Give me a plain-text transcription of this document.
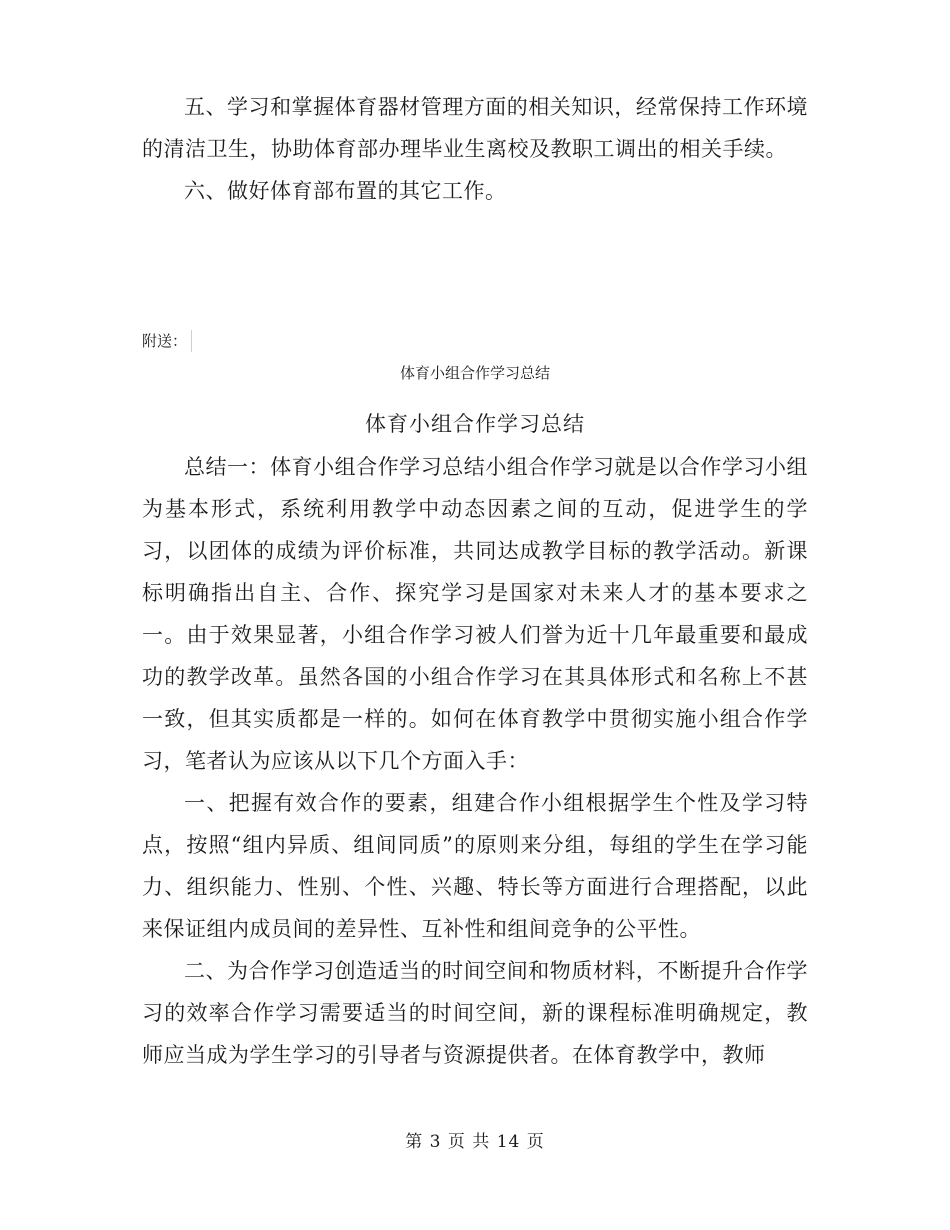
五、学习和掌握体育器材管理方面的相关知识，经常保持工作环境的清洁卫生，协助体育部办理毕业生离校及教职工调出的相关手续。

六、做好体育部布置的其它工作。

附送：
体育小组合作学习总结
体育小组合作学习总结

总结一：体育小组合作学习总结小组合作学习就是以合作学习小组为基本形式，系统利用教学中动态因素之间的互动，促进学生的学习，以团体的成绩为评价标准，共同达成教学目标的教学活动。新课标明确指出自主、合作、探究学习是国家对未来人才的基本要求之一。由于效果显著，小组合作学习被人们誉为近十几年最重要和最成功的教学改革。虽然各国的小组合作学习在其具体形式和名称上不甚一致，但其实质都是一样的。如何在体育教学中贯彻实施小组合作学习，笔者认为应该从以下几个方面入手：

一、把握有效合作的要素，组建合作小组根据学生个性及学习特点，按照“组内异质、组间同质”的原则来分组，每组的学生在学习能力、组织能力、性别、个性、兴趣、特长等方面进行合理搭配，以此来保证组内成员间的差异性、互补性和组间竞争的公平性。

二、为合作学习创造适当的时间空间和物质材料，不断提升合作学习的效率合作学习需要适当的时间空间，新的课程标准明确规定，教师应当成为学生学习的引导者与资源提供者。在体育教学中，教师

第 3 页 共 14 页
